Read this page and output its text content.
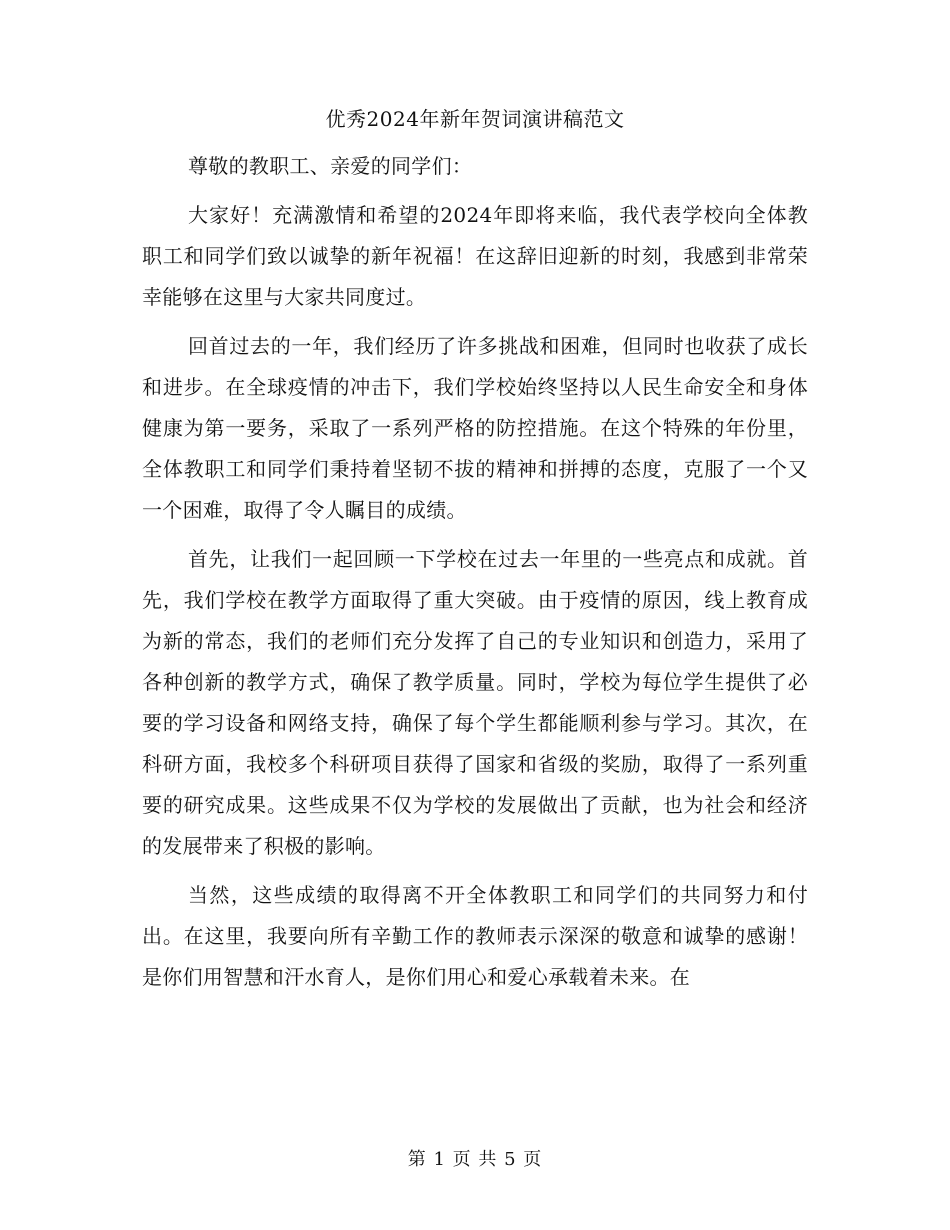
优秀2024年新年贺词演讲稿范文

尊敬的教职工、亲爱的同学们：

大家好！充满激情和希望的2024年即将来临，我代表学校向全体教职工和同学们致以诚挚的新年祝福！在这辞旧迎新的时刻，我感到非常荣幸能够在这里与大家共同度过。

回首过去的一年，我们经历了许多挑战和困难，但同时也收获了成长和进步。在全球疫情的冲击下，我们学校始终坚持以人民生命安全和身体健康为第一要务，采取了一系列严格的防控措施。在这个特殊的年份里，全体教职工和同学们秉持着坚韧不拔的精神和拼搏的态度，克服了一个又一个困难，取得了令人瞩目的成绩。

首先，让我们一起回顾一下学校在过去一年里的一些亮点和成就。首先，我们学校在教学方面取得了重大突破。由于疫情的原因，线上教育成为新的常态，我们的老师们充分发挥了自己的专业知识和创造力，采用了各种创新的教学方式，确保了教学质量。同时，学校为每位学生提供了必要的学习设备和网络支持，确保了每个学生都能顺利参与学习。其次，在科研方面，我校多个科研项目获得了国家和省级的奖励，取得了一系列重要的研究成果。这些成果不仅为学校的发展做出了贡献，也为社会和经济的发展带来了积极的影响。

当然，这些成绩的取得离不开全体教职工和同学们的共同努力和付出。在这里，我要向所有辛勤工作的教师表示深深的敬意和诚挚的感谢！是你们用智慧和汗水育人，是你们用心和爱心承载着未来。在

第 1 页 共 5 页
